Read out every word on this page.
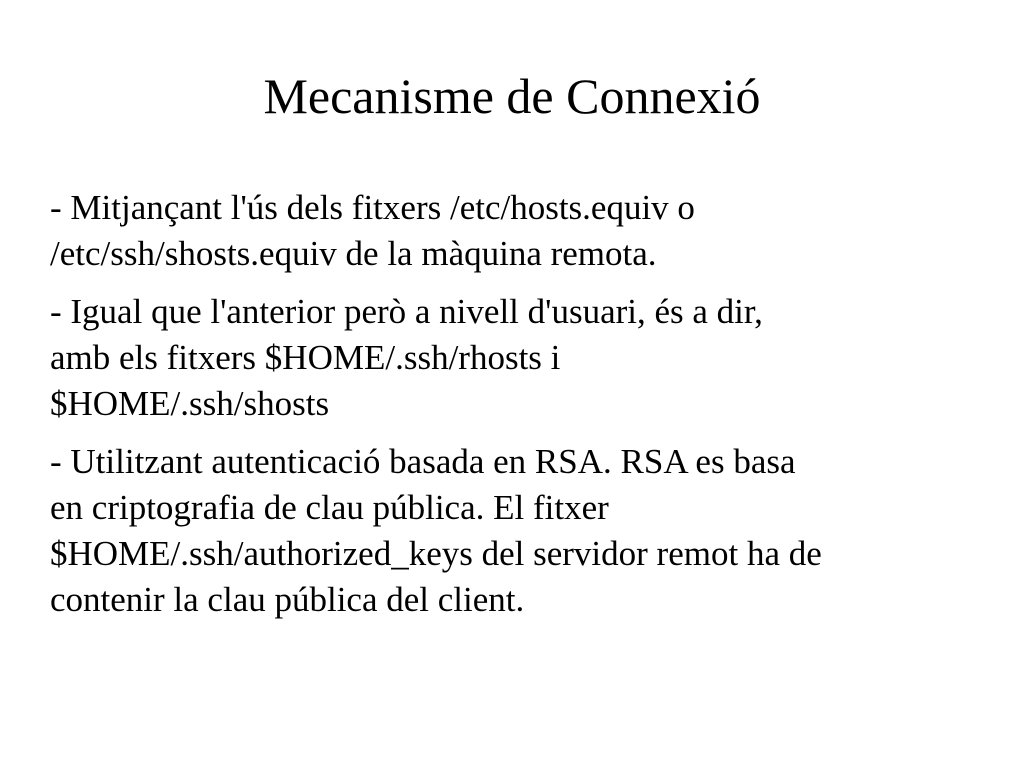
Mecanisme de Connexió

- Mitjançant l'ús dels fitxers /etc/hosts.equiv o
/etc/ssh/shosts.equiv de la màquina remota.

- Igual que l'anterior però a nivell d'usuari, és a dir,
amb els fitxers $HOME/.ssh/rhosts i
$HOME/.ssh/shosts

- Utilitzant autenticació basada en RSA. RSA es basa
en criptografia de clau pública. El fitxer
$HOME/.ssh/authorized_keys del servidor remot ha de
contenir la clau pública del client.
